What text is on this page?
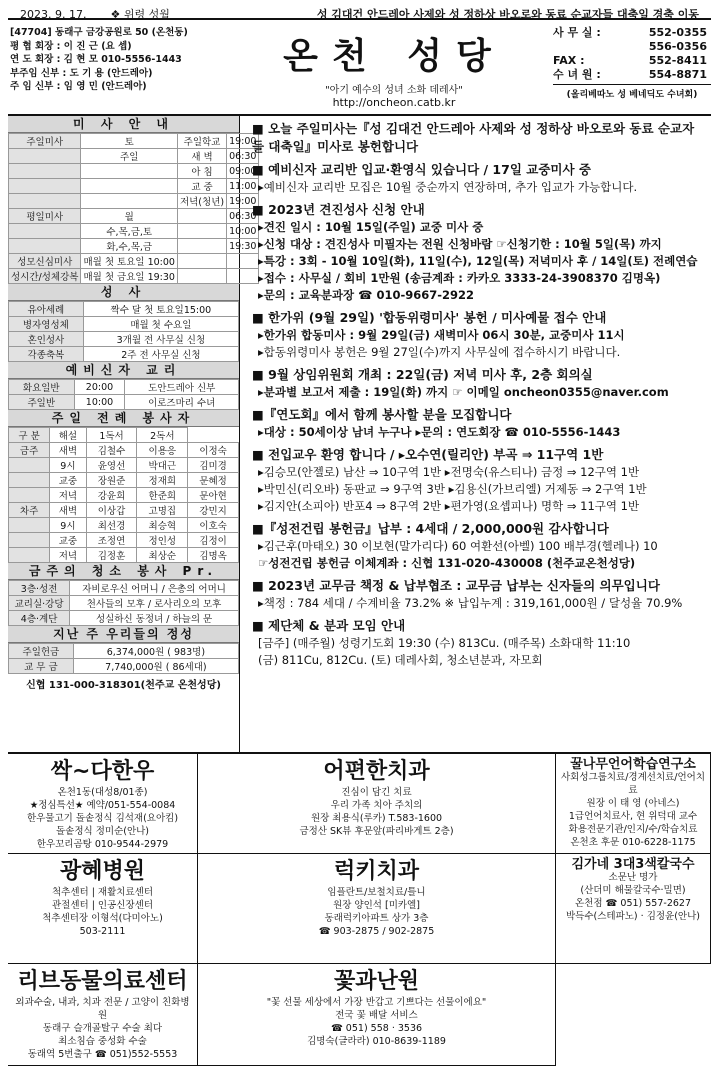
2023. 9. 17. ❖ 위령 성월	성 김대건 안드레아 사제와 성 정하상 바오로와 동료 순교자들 대축일 경축 이동
[47704] 동래구 금강공원로 50 (온천동)
평 협 회장 : 이 진 근 (요 셉)
연 도 회장 : 김 현 모 010-5556-1443
부주임 신부 : 도 기 용 (안드레아)
주 임 신부 : 임 영 민 (안드레아)
온천 성당
"아기 예수의 성녀 소화 데레사"
http://oncheon.catb.kr
사 무 실 :	552-0355
556-0356
FAX :	552-8411
수 녀 원 :	554-8871
(올리베따노 성 베네딕도 수녀회)
미 사 안 내
주일미사	토	주일학교	19:00
	주일	새 벽	06:30
		아 침	09:00
		교 중	11:00
		저녁(청년)	19:00
평일미사	월		06:30
	수,목,금,토		10:00
	화,수,목,금		19:30
성모신심미사	매월 첫 토요일 10:00		
성시간/성체강복	매월 첫 금요일 19:30		
성 사
유아세례	짝수 달 첫 토요일15:00
병자영성체	매월 첫 수요일
혼인성사	3개월 전 사무실 신청
각종축복	2주 전 사무실 신청
예비신자 교리
화요일반	20:00	도안드레아 신부
주일반	10:00	이로즈마리 수녀
주일 전례 봉사자
구 분	해설	1독서	2독서	
금주	새벽	김철수	이용응	이정숙
	9시	윤영선	박대근	김미경
	교중	장원준	정재희	문혜정
	저녁	강윤희	한준희	문아현
차주	새벽	이상갑	고명집	강민지
	9시	최선경	최승혁	이호숙
	교중	조정연	정인성	김정이
	저녁	김정훈	최상순	김명옥
금주의 청소 봉사 Pr.
3층·성전	자비로우신 어머니 / 은총의 어머니
교리실·강당	천사들의 모후 / 로사리오의 모후
4층·계단	성실하신 동정녀 / 하늘의 문
지난 주 우리들의 정성
주일헌금	6,374,000원 ( 983명)
교 무 금	7,740,000원 ( 86세대)
신협 131-000-318301(천주교 온천성당)
■ 오늘 주일미사는『성 김대건 안드레아 사제와 성 정하상 바오로와 동료 순교자들 대축일』미사로 봉헌합니다
■ 예비신자 교리반 입교·환영식 있습니다 / 17일 교중미사 중
▸예비신자 교리반 모집은 10월 중순까지 연장하며, 추가 입교가 가능합니다.
■ 2023년 견진성사 신청 안내
▸견진 일시 : 10월 15일(주일) 교중 미사 중
▸신청 대상 : 견진성사 미필자는 전원 신청바람 ☞신청기한 : 10월 5일(목) 까지
▸특강 : 3회 - 10월 10일(화), 11일(수), 12일(목) 저녁미사 후 / 14일(토) 전례연습
▸접수 : 사무실 / 회비 1만원 (송금계좌 : 카카오 3333-24-3908370 김명옥)
▸문의 : 교육분과장 ☎ 010-9667-2922
■ 한가위 (9월 29일) '합동위령미사' 봉헌 / 미사예물 접수 안내
▸한가위 합동미사 : 9월 29일(금) 새벽미사 06시 30분, 교중미사 11시
▸합동위령미사 봉헌은 9월 27일(수)까지 사무실에 접수하시기 바랍니다.
■ 9월 상임위원회 개최 : 22일(금) 저녁 미사 후, 2층 회의실
▸분과별 보고서 제출 : 19일(화) 까지 ☞ 이메일 oncheon0355@naver.com
■『연도회』에서 함께 봉사할 분을 모집합니다
▸대상 : 50세이상 남녀 누구나 ▸문의 : 연도회장 ☎ 010-5556-1443
■ 전입교우 환영 합니다 / ▸오수연(릴리안) 부곡 ⇒ 11구역 1반
▸김승모(안젤로) 남산 ⇒ 10구역 1반 ▸전명숙(유스티나) 금정 ⇒ 12구역 1반
▸박민신(리오바) 동판교 ⇒ 9구역 3반 ▸김용신(가브리엘) 거제동 ⇒ 2구역 1반
▸김지안(소피아) 반포4 ⇒ 8구역 2반 ▸편가영(요셉피나) 명학 ⇒ 11구역 1반
■『성전건립 봉헌금』납부 : 4세대 / 2,000,000원 감사합니다
▸김근후(마태오) 30 이보현(말가리다) 60 여환선(아벨) 100 배부경(헬레나) 10
☞성전건립 봉헌금 이체계좌 : 신협 131-020-430008 (천주교온천성당)
■ 2023년 교무금 책정 & 납부협조 : 교무금 납부는 신자들의 의무입니다
▸책정 : 784 세대 / 수계비율 73.2% ※ 납입누계 : 319,161,000원 / 달성율 70.9%
■ 제단체 & 분과 모임 안내
[금주] (매주월) 성령기도회 19:30 (수) 813Cu. (매주목) 소화대학 11:10
(금) 811Cu, 812Cu. (토) 데레사회, 청소년분과, 자모회
싹~다한우
온천1동(대성8/01종)
★정심특선★ 예약/051-554-0084
한우물고기 돌솥정식 김석재(요아킴)
돌솥정식 정미순(안나)
한우꼬리곰탕 010-9544-2979
어편한치과
진심이 담긴 치료
우리 가족 치아 주치의
원장 최용식(루카) T.583-1600
금정산 SK뷰 후문앞(파리바게트 2층)
꿀나무언어학습연구소
사회성그룹치료/경계선치료/언어치료
원장 이 태 영 (아네스)
1급언어치료사, 현 위덕대 교수
화용전문기관/인지/수/학습치료
온천초 후문 010-6228-1175
광혜병원
척추센터 | 재활치료센터
관절센터 | 인공신장센터
척추센터장 이형석(다미아노)
503-2111
럭키치과
임플란트/보철치료/틀니
원장 양인석 [미카엘]
동래럭키아파트 상가 3층
☎ 903-2875 / 902-2875
김가네 3대3색칼국수
소문난 명가
(산더미 해물칼국수·밀면)
온천점 ☎ 051) 557-2627
박득수(스테파노) · 김정윤(안나)
리브동물의료센터
외과수술, 내과, 치과 전문 / 고양이 친화병원
동래구 슬개골탈구 수술 최다
최소침습 중성화 수술
동래역 5번출구 ☎ 051)552-5553
꽃과난원
"꽃 선물 세상에서 가장 반갑고 기쁘다는 선물이에요"
전국 꽃 배달 서비스
☎ 051) 558 · 3536
김명숙(글라라) 010-8639-1189
